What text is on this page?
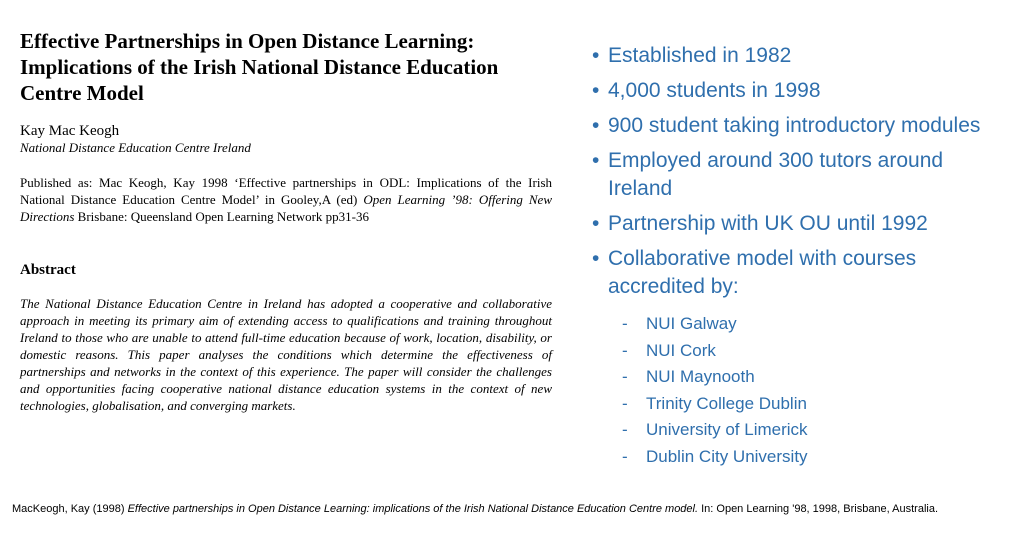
Effective Partnerships in Open Distance Learning: Implications of the Irish National Distance Education Centre Model
Kay Mac Keogh
National Distance Education Centre Ireland
Published as: Mac Keogh, Kay 1998 ‘Effective partnerships in ODL: Implications of the Irish National Distance Education Centre Model’ in Gooley,A (ed) Open Learning ’98: Offering New Directions Brisbane: Queensland Open Learning Network pp31-36
Abstract
The National Distance Education Centre in Ireland has adopted a cooperative and collaborative approach in meeting its primary aim of extending access to qualifications and training throughout Ireland to those who are unable to attend full-time education because of work, location, disability, or domestic reasons. This paper analyses the conditions which determine the effectiveness of partnerships and networks in the context of this experience. The paper will consider the challenges and opportunities facing cooperative national distance education systems in the context of new technologies, globalisation, and converging markets.
• Established in 1982
• 4,000 students in 1998
• 900 student taking introductory modules
• Employed around 300 tutors around Ireland
• Partnership with UK OU until 1992
• Collaborative model with courses accredited by:
- NUI Galway
- NUI Cork
- NUI Maynooth
- Trinity College Dublin
- University of Limerick
- Dublin City University
MacKeogh, Kay (1998) Effective partnerships in Open Distance Learning: implications of the Irish National Distance Education Centre model. In: Open Learning '98, 1998, Brisbane, Australia.
